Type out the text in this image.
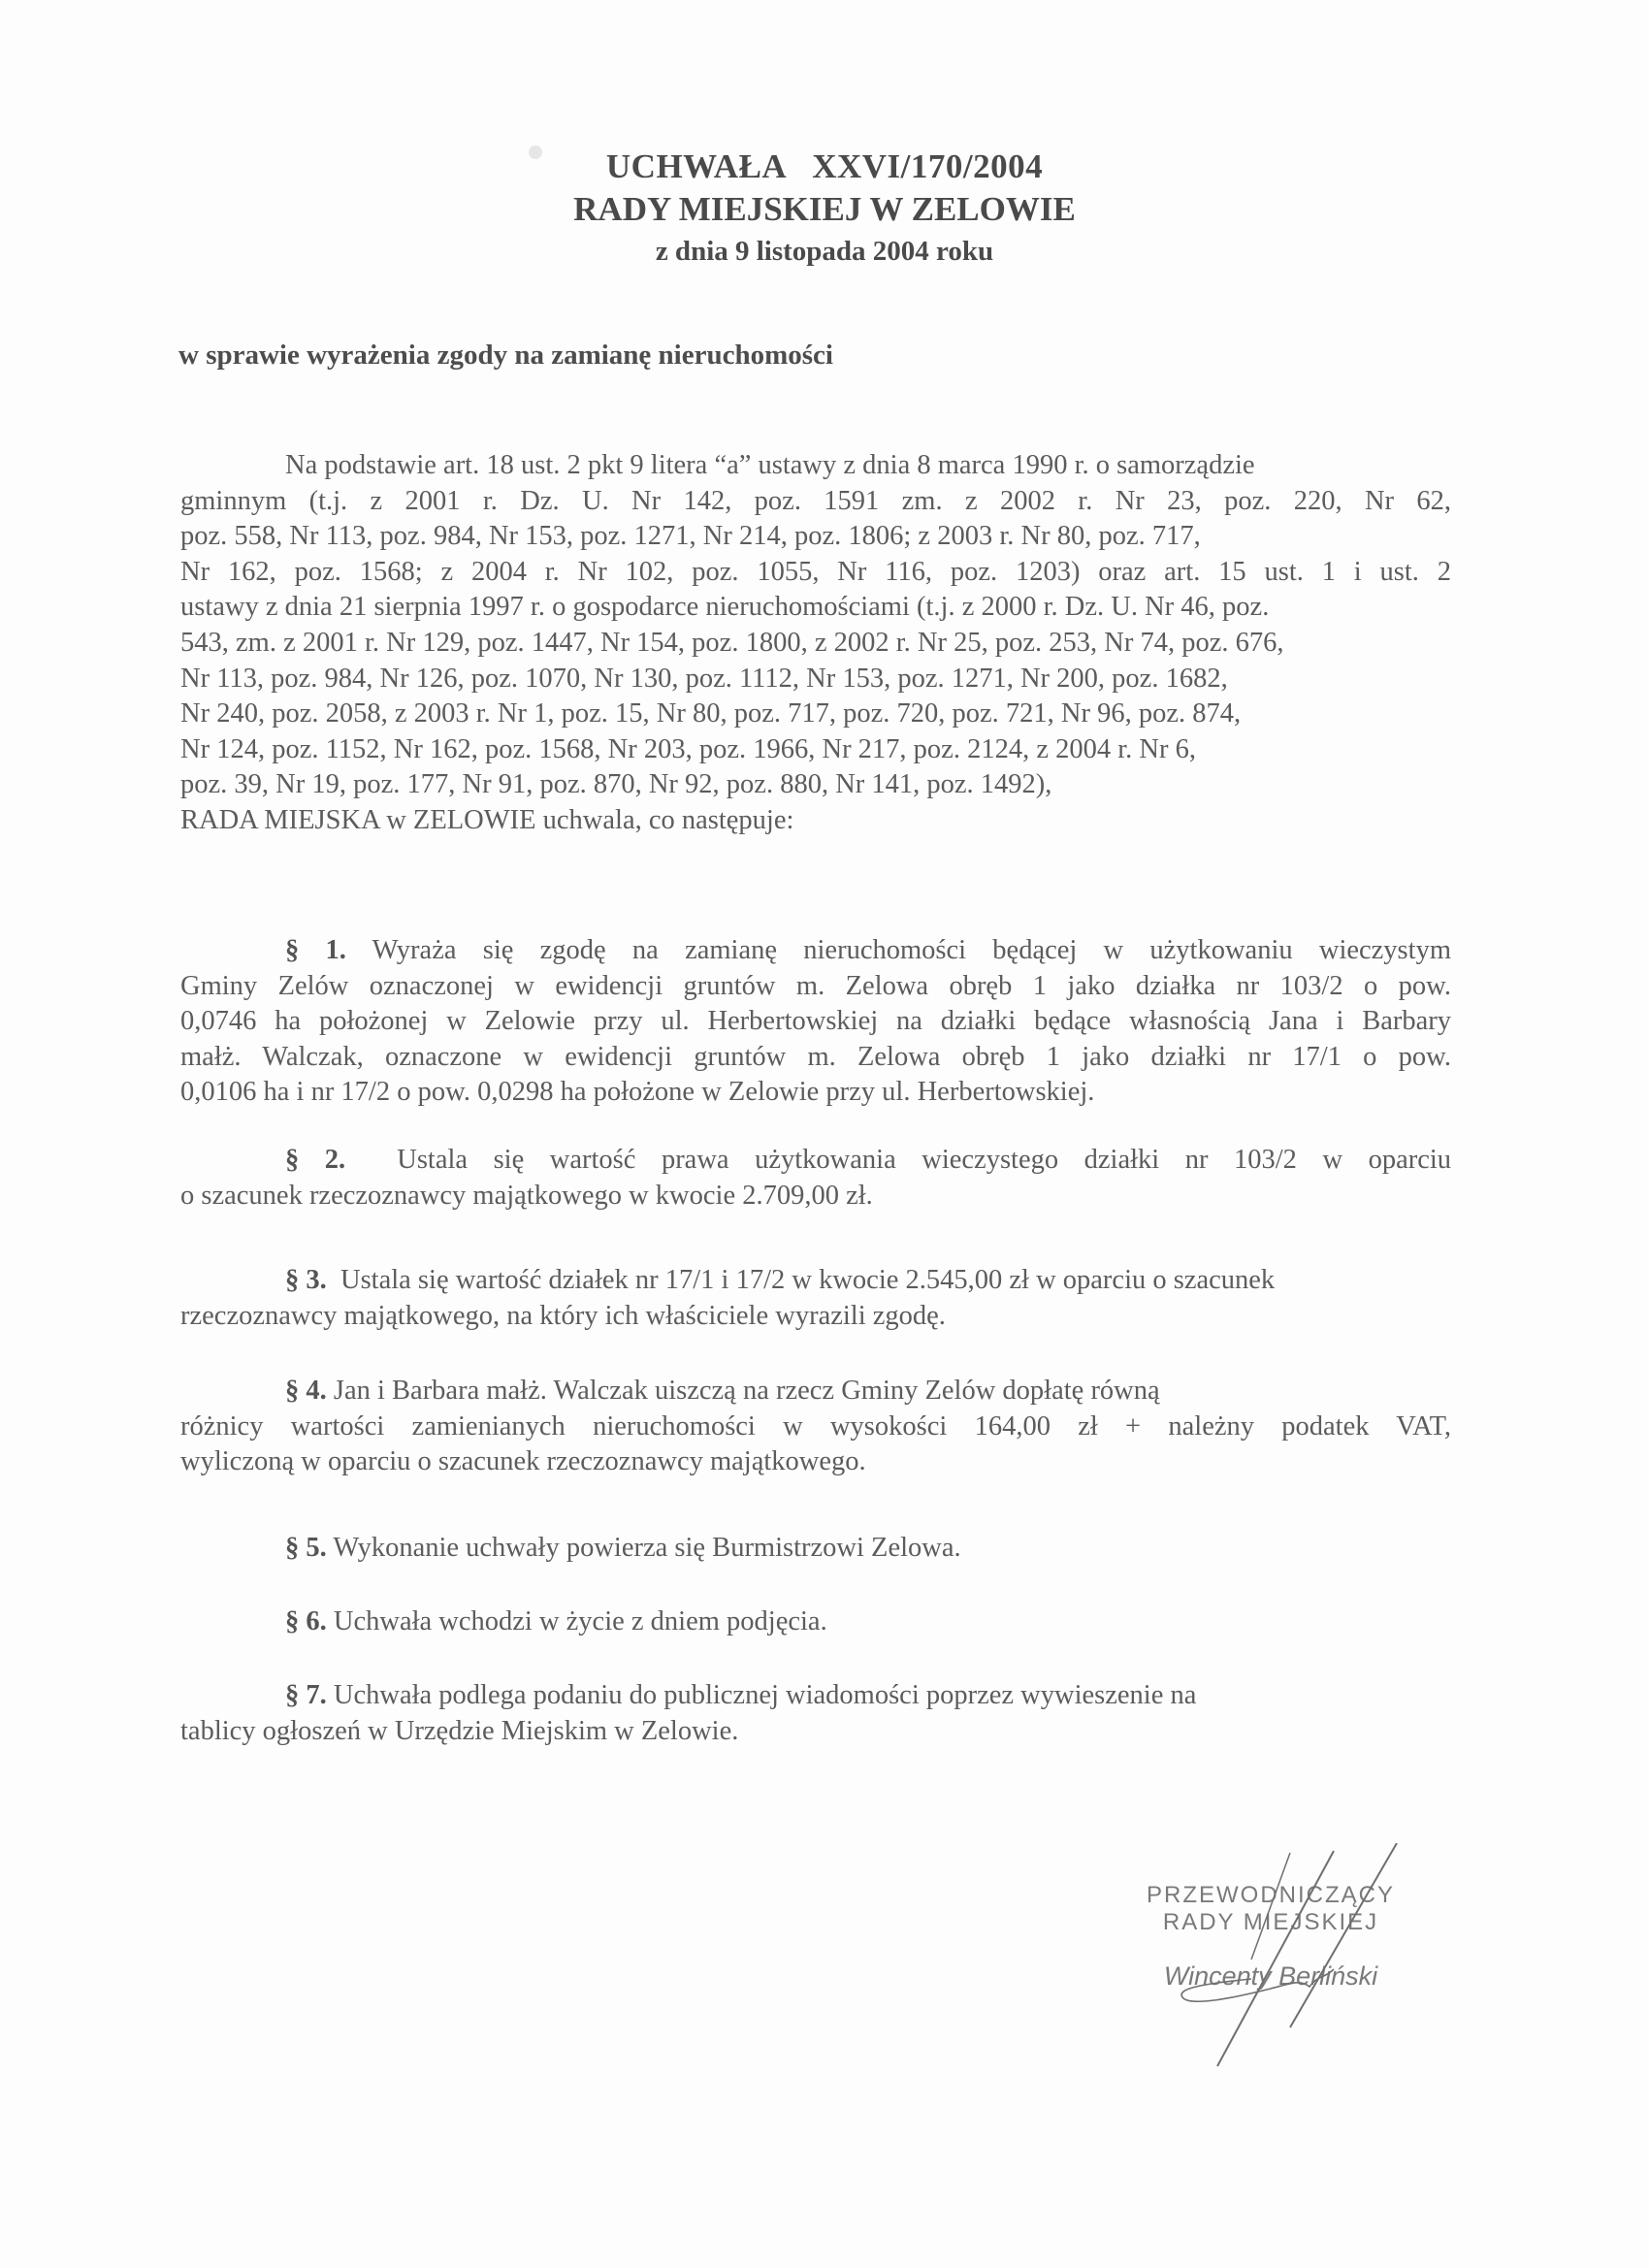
UCHWAŁA XXVI/170/2004
RADY MIEJSKIEJ W ZELOWIE
z dnia 9 listopada 2004 roku
w sprawie wyrażenia zgody na zamianę nieruchomości
Na podstawie art. 18 ust. 2 pkt 9 litera “a” ustawy z dnia 8 marca 1990 r. o samorządzie
gminnym (t.j. z 2001 r. Dz. U. Nr 142, poz. 1591 zm. z 2002 r. Nr 23, poz. 220, Nr 62,
poz. 558, Nr 113, poz. 984, Nr 153, poz. 1271, Nr 214, poz. 1806; z 2003 r. Nr 80, poz. 717,
Nr 162, poz. 1568; z 2004 r. Nr 102, poz. 1055, Nr 116, poz. 1203) oraz art. 15 ust. 1 i ust. 2
ustawy z dnia 21 sierpnia 1997 r. o gospodarce nieruchomościami (t.j. z 2000 r. Dz. U. Nr 46, poz.
543, zm. z 2001 r. Nr 129, poz. 1447, Nr 154, poz. 1800, z 2002 r. Nr 25, poz. 253, Nr 74, poz. 676,
Nr 113, poz. 984, Nr 126, poz. 1070, Nr 130, poz. 1112, Nr 153, poz. 1271, Nr 200, poz. 1682,
Nr 240, poz. 2058, z 2003 r. Nr 1, poz. 15, Nr 80, poz. 717, poz. 720, poz. 721, Nr 96, poz. 874,
Nr 124, poz. 1152, Nr 162, poz. 1568, Nr 203, poz. 1966, Nr 217, poz. 2124, z 2004 r. Nr 6,
poz. 39, Nr 19, poz. 177, Nr 91, poz. 870, Nr 92, poz. 880, Nr 141, poz. 1492),
RADA MIEJSKA w ZELOWIE uchwala, co następuje:
§ 1. Wyraża się zgodę na zamianę nieruchomości będącej w użytkowaniu wieczystym
Gminy Zelów oznaczonej w ewidencji gruntów m. Zelowa obręb 1 jako działka nr 103/2 o pow.
0,0746 ha położonej w Zelowie przy ul. Herbertowskiej na działki będące własnością Jana i Barbary
małż. Walczak, oznaczone w ewidencji gruntów m. Zelowa obręb 1 jako działki nr 17/1 o pow.
0,0106 ha i nr 17/2 o pow. 0,0298 ha położone w Zelowie przy ul. Herbertowskiej.
§ 2. Ustala się wartość prawa użytkowania wieczystego działki nr 103/2 w oparciu
o szacunek rzeczoznawcy majątkowego w kwocie 2.709,00 zł.
§ 3. Ustala się wartość działek nr 17/1 i 17/2 w kwocie 2.545,00 zł w oparciu o szacunek
rzeczoznawcy majątkowego, na który ich właściciele wyrazili zgodę.
§ 4. Jan i Barbara małż. Walczak uiszczą na rzecz Gminy Zelów dopłatę równą
różnicy wartości zamienianych nieruchomości w wysokości 164,00 zł + należny podatek VAT,
wyliczoną w oparciu o szacunek rzeczoznawcy majątkowego.
§ 5. Wykonanie uchwały powierza się Burmistrzowi Zelowa.
§ 6. Uchwała wchodzi w życie z dniem podjęcia.
§ 7. Uchwała podlega podaniu do publicznej wiadomości poprzez wywieszenie na
tablicy ogłoszeń w Urzędzie Miejskim w Zelowie.
PRZEWODNICZĄCY
RADY MIEJSKIEJ
Wincenty Berliński
